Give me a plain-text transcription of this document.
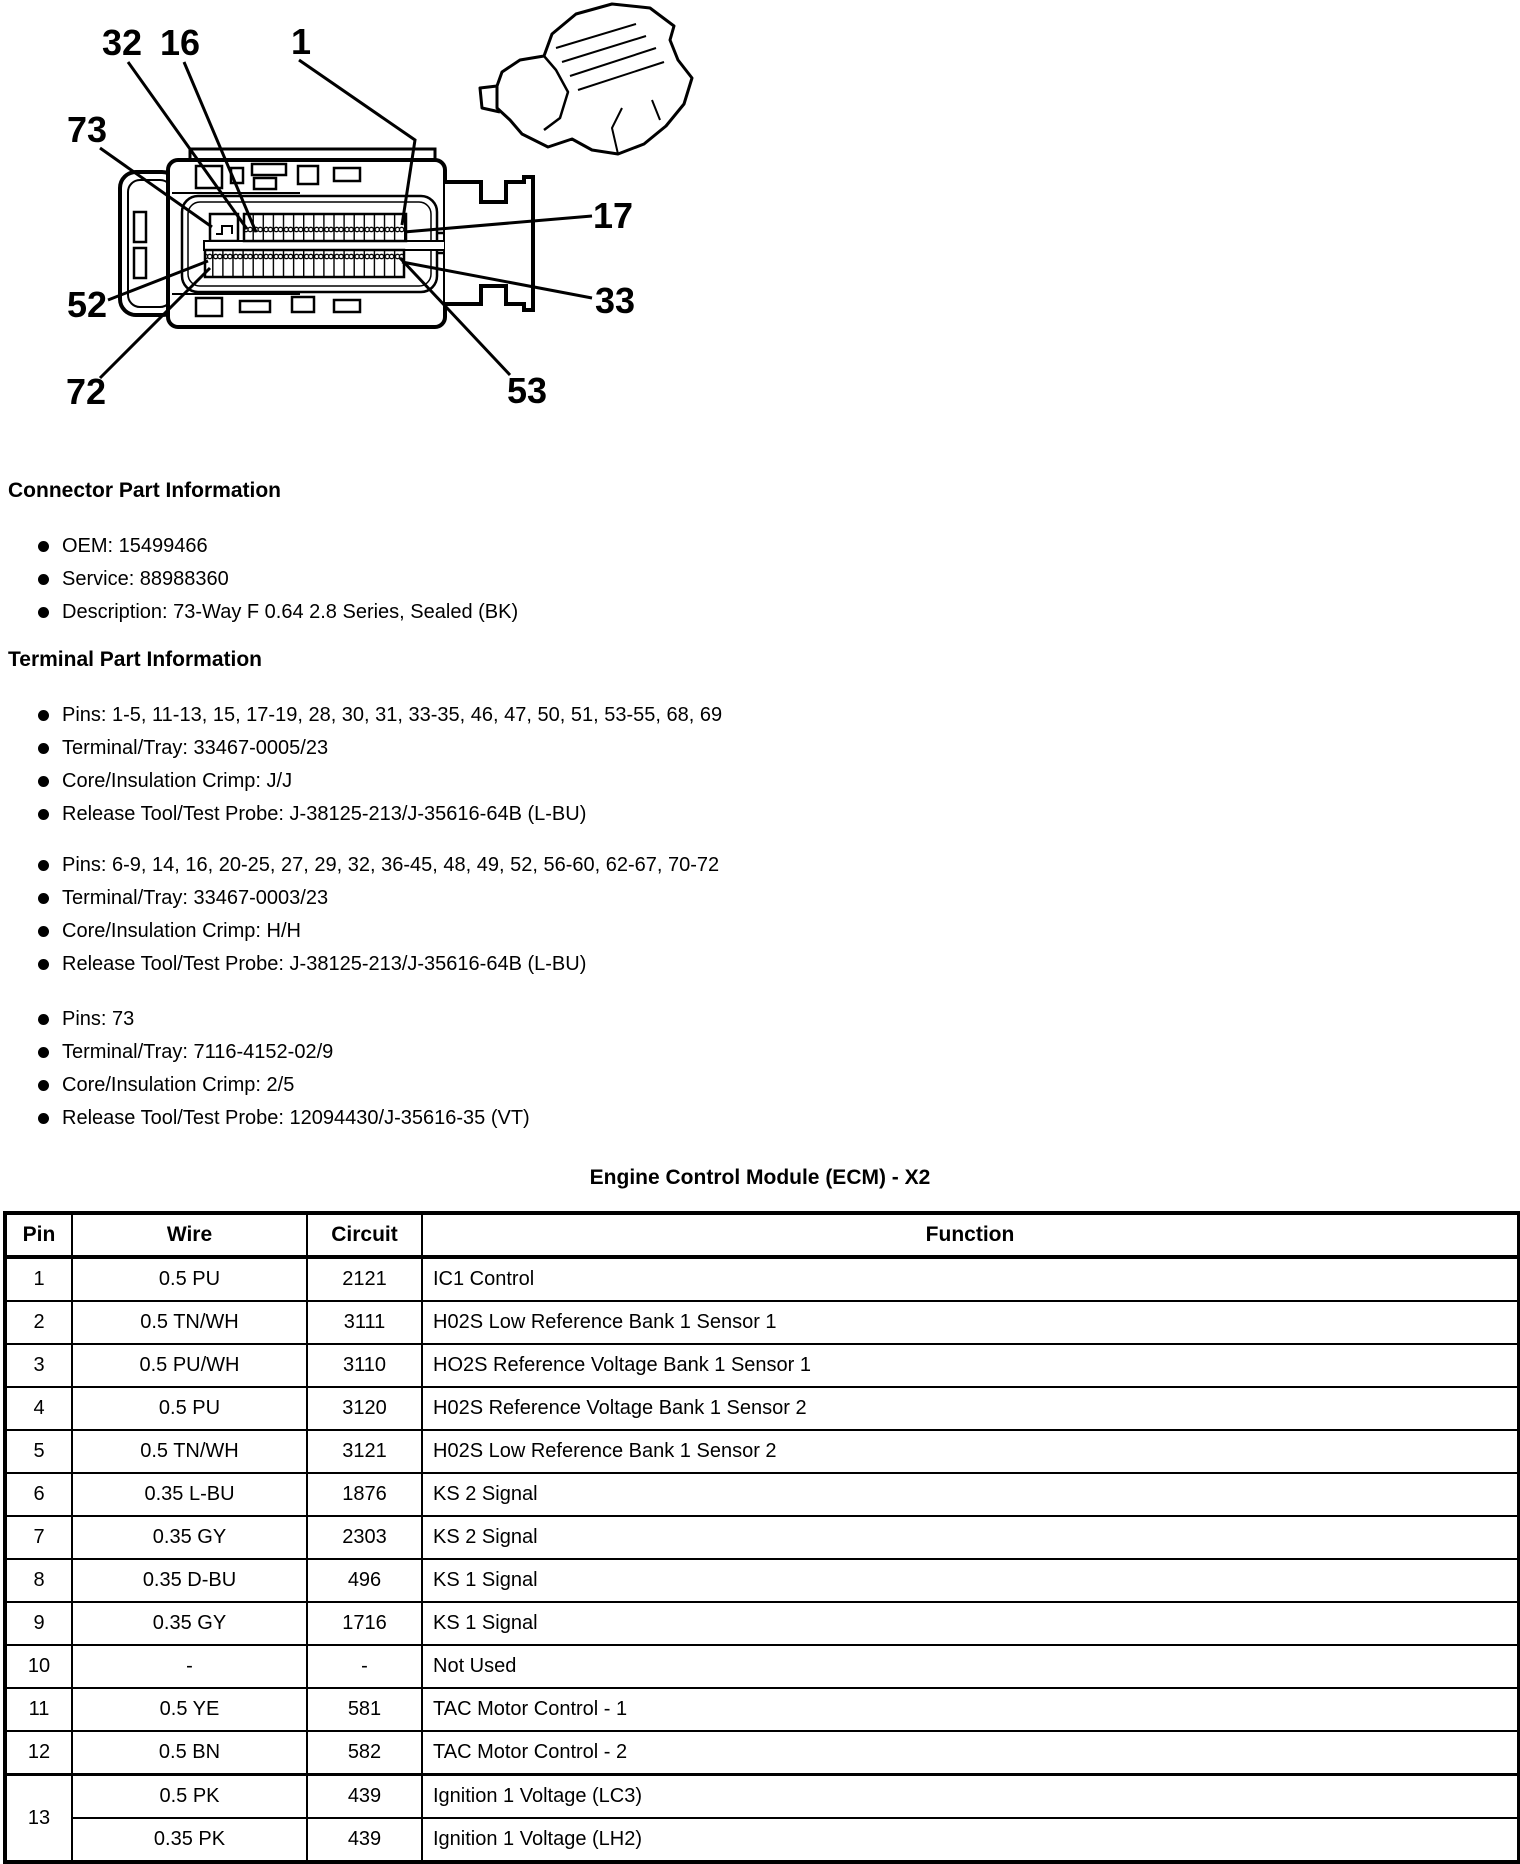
32 16	1
73
17
52	33
72	53
Connector Part Information
OEM: 15499466
Service: 88988360
Description: 73-Way F 0.64 2.8 Series, Sealed (BK)
Terminal Part Information
Pins: 1-5, 11-13, 15, 17-19, 28, 30, 31, 33-35, 46, 47, 50, 51, 53-55, 68, 69
Terminal/Tray: 33467-0005/23
Core/Insulation Crimp: J/J
Release Tool/Test Probe: J-38125-213/J-35616-64B (L-BU)
Pins: 6-9, 14, 16, 20-25, 27, 29, 32, 36-45, 48, 49, 52, 56-60, 62-67, 70-72
Terminal/Tray: 33467-0003/23
Core/Insulation Crimp: H/H
Release Tool/Test Probe: J-38125-213/J-35616-64B (L-BU)
Pins: 73
Terminal/Tray: 7116-4152-02/9
Core/Insulation Crimp: 2/5
Release Tool/Test Probe: 12094430/J-35616-35 (VT)
Engine Control Module (ECM) - X2
Pin	Wire	Circuit	Function
1	0.5 PU	2121	IC1 Control
2	0.5 TN/WH	3111	H02S Low Reference Bank 1 Sensor 1
3	0.5 PU/WH	3110	HO2S Reference Voltage Bank 1 Sensor 1
4	0.5 PU	3120	H02S Reference Voltage Bank 1 Sensor 2
5	0.5 TN/WH	3121	H02S Low Reference Bank 1 Sensor 2
6	0.35 L-BU	1876	KS 2 Signal
7	0.35 GY	2303	KS 2 Signal
8	0.35 D-BU	496	KS 1 Signal
9	0.35 GY	1716	KS 1 Signal
10	-	-	Not Used
11	0.5 YE	581	TAC Motor Control - 1
12	0.5 BN	582	TAC Motor Control - 2
13	0.5 PK	439	Ignition 1 Voltage (LC3)
	0.35 PK	439	Ignition 1 Voltage (LH2)
